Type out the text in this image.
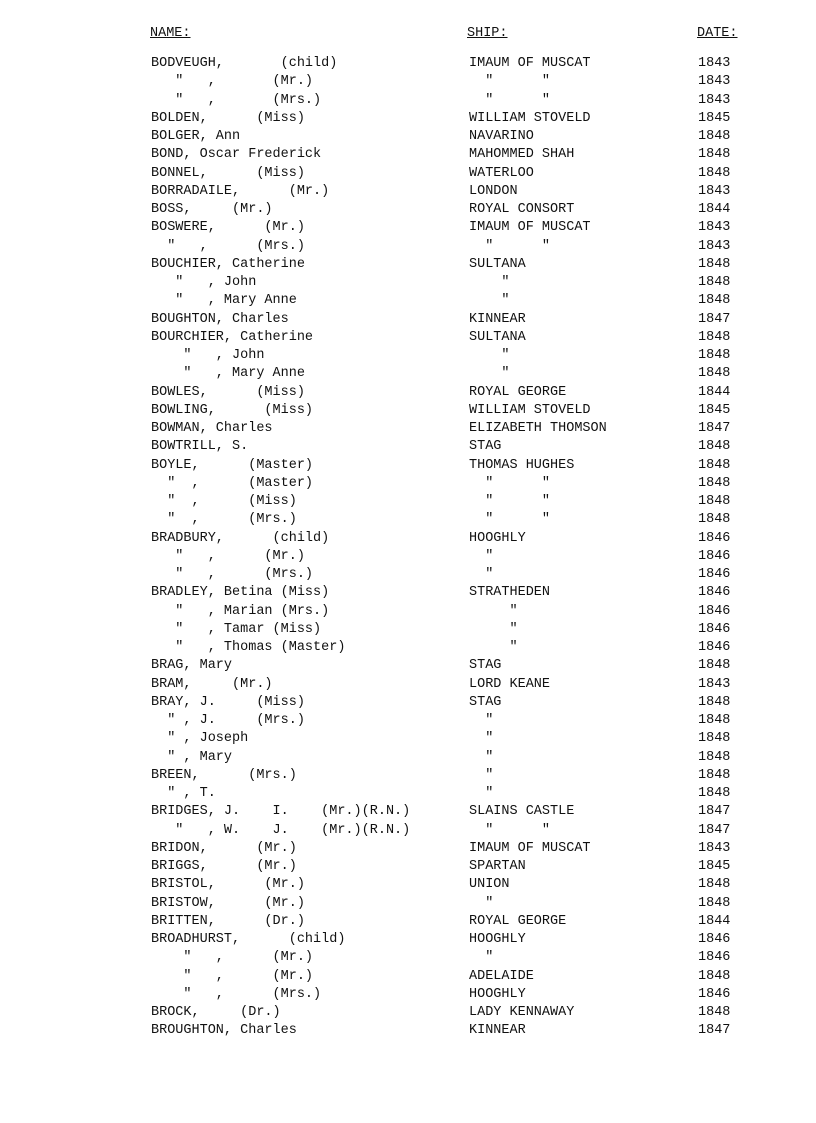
NAME:	SHIP:	DATE:
BODVEUGH,       (child)	IMAUM OF MUSCAT	1843
"   ,       (Mr.)	"      "	1843
"   ,       (Mrs.)	"      "	1843
BOLDEN,      (Miss)	WILLIAM STOVELD	1845
BOLGER, Ann	NAVARINO	1848
BOND, Oscar Frederick	MAHOMMED SHAH	1848
BONNEL,      (Miss)	WATERLOO	1848
BORRADAILE,      (Mr.)	LONDON	1843
BOSS,     (Mr.)	ROYAL CONSORT	1844
BOSWERE,      (Mr.)	IMAUM OF MUSCAT	1843
"   ,      (Mrs.)	"      "	1843
BOUCHIER, Catherine	SULTANA	1848
"   , John	"	1848
"   , Mary Anne	"	1848
BOUGHTON, Charles	KINNEAR	1847
BOURCHIER, Catherine	SULTANA	1848
"   , John	"	1848
"   , Mary Anne	"	1848
BOWLES,      (Miss)	ROYAL GEORGE	1844
BOWLING,      (Miss)	WILLIAM STOVELD	1845
BOWMAN, Charles	ELIZABETH THOMSON	1847
BOWTRILL, S.	STAG	1848
BOYLE,      (Master)	THOMAS HUGHES	1848
"  ,      (Master)	"      "	1848
"  ,      (Miss)	"      "	1848
"  ,      (Mrs.)	"      "	1848
BRADBURY,      (child)	HOOGHLY	1846
"   ,      (Mr.)	"	1846
"   ,      (Mrs.)	"	1846
BRADLEY, Betina (Miss)	STRATHEDEN	1846
"   , Marian (Mrs.)	"	1846
"   , Tamar (Miss)	"	1846
"   , Thomas (Master)	"	1846
BRAG, Mary	STAG	1848
BRAM,     (Mr.)	LORD KEANE	1843
BRAY, J.     (Miss)	STAG	1848
" , J.     (Mrs.)	"	1848
" , Joseph	"	1848
" , Mary	"	1848
BREEN,      (Mrs.)	"	1848
" , T.	"	1848
BRIDGES, J.    I.    (Mr.)(R.N.)	SLAINS CASTLE	1847
"   , W.    J.    (Mr.)(R.N.)	"      "	1847
BRIDON,      (Mr.)	IMAUM OF MUSCAT	1843
BRIGGS,      (Mr.)	SPARTAN	1845
BRISTOL,      (Mr.)	UNION	1848
BRISTOW,      (Mr.)	"	1848
BRITTEN,      (Dr.)	ROYAL GEORGE	1844
BROADHURST,      (child)	HOOGHLY	1846
"   ,      (Mr.)	"	1846
"   ,      (Mr.)	ADELAIDE	1848
"   ,      (Mrs.)	HOOGHLY	1846
BROCK,     (Dr.)	LADY KENNAWAY	1848
BROUGHTON, Charles	KINNEAR	1847
